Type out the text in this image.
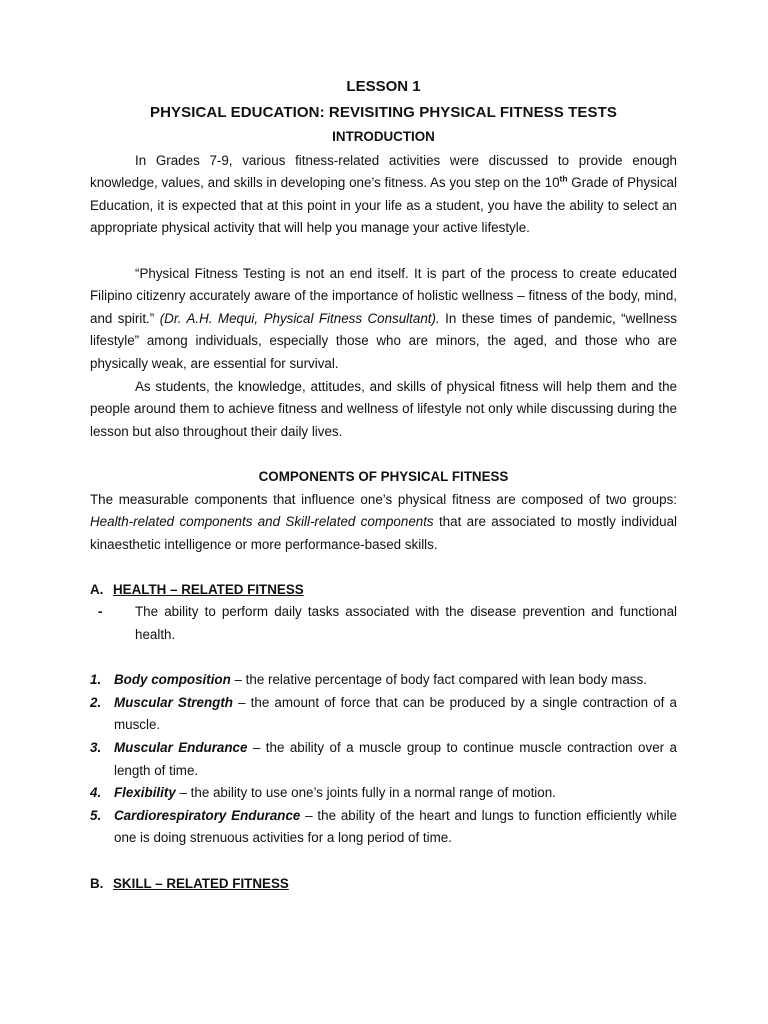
LESSON 1
PHYSICAL EDUCATION: REVISITING PHYSICAL FITNESS TESTS
INTRODUCTION

In Grades 7-9, various fitness-related activities were discussed to provide enough knowledge, values, and skills in developing one’s fitness. As you step on the 10th Grade of Physical Education, it is expected that at this point in your life as a student, you have the ability to select an appropriate physical activity that will help you manage your active lifestyle.

“Physical Fitness Testing is not an end itself. It is part of the process to create educated Filipino citizenry accurately aware of the importance of holistic wellness – fitness of the body, mind, and spirit.” (Dr. A.H. Mequi, Physical Fitness Consultant). In these times of pandemic, “wellness lifestyle” among individuals, especially those who are minors, the aged, and those who are physically weak, are essential for survival.

As students, the knowledge, attitudes, and skills of physical fitness will help them and the people around them to achieve fitness and wellness of lifestyle not only while discussing during the lesson but also throughout their daily lives.

COMPONENTS OF PHYSICAL FITNESS

The measurable components that influence one’s physical fitness are composed of two groups: Health-related components and Skill-related components that are associated to mostly individual kinaesthetic intelligence or more performance-based skills.

A. HEALTH – RELATED FITNESS
-	The ability to perform daily tasks associated with the disease prevention and functional health.
1. Body composition – the relative percentage of body fact compared with lean body mass.
2. Muscular Strength – the amount of force that can be produced by a single contraction of a muscle.
3. Muscular Endurance – the ability of a muscle group to continue muscle contraction over a length of time.
4. Flexibility – the ability to use one’s joints fully in a normal range of motion.
5. Cardiorespiratory Endurance – the ability of the heart and lungs to function efficiently while one is doing strenuous activities for a long period of time.
B. SKILL – RELATED FITNESS
